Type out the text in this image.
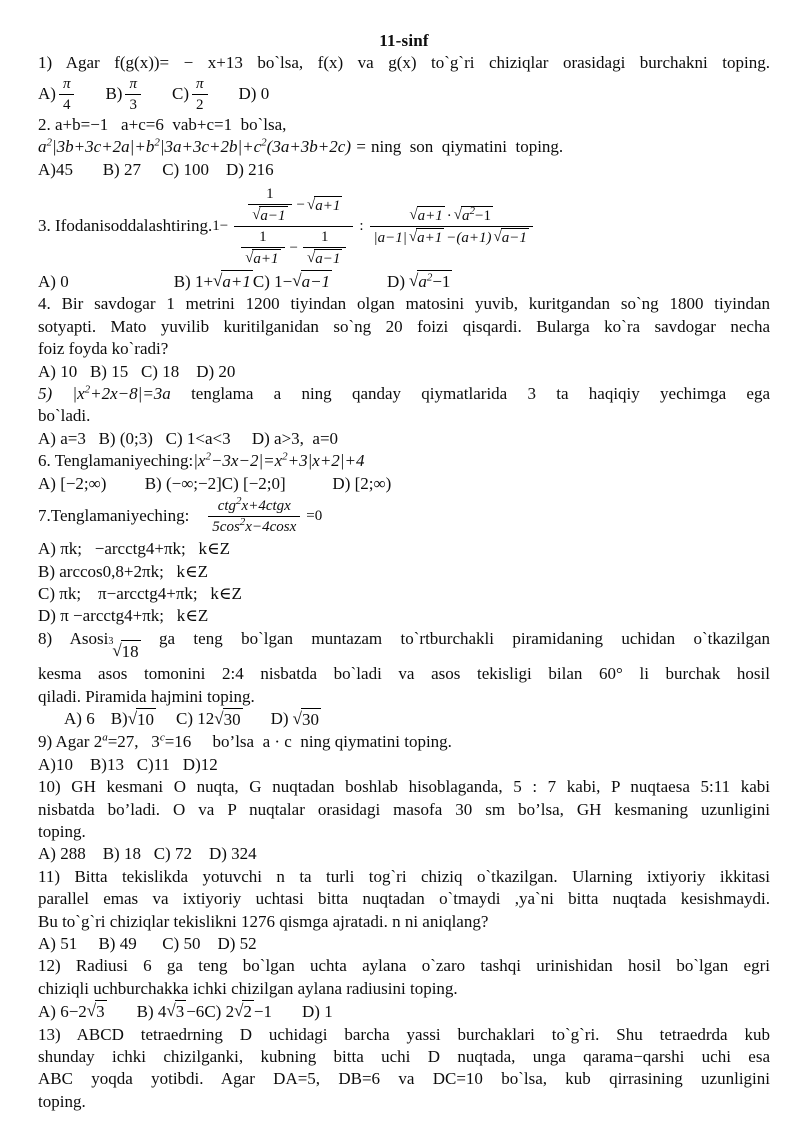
11-sinf
1) Agar f(g(x))= − x+13 bo`lsa, f(x) va g(x) to`g`ri chiziqlar orasidagi burchakni toping.
$A) \frac{\pi}{4} B) \frac{\pi}{3} C) \frac{\pi}{2} D$) 0
2. a+b=−1   a+c=6  vab+c=1  bo`lsa,
$a^2|3b+3c+2a|+b^2|3a+3c+2b|+c^2(3a+3b+2c)$ = ning  son  qiymatini  toping.
A)45       B) 27     C) 100    D) 216
3. Ifodanisoddalashtiring. 1−
$\frac{1}{√ a-1}$ − √ a+1
$\frac{1}{√ a+1} - \frac{1}{√ a-1}$
: $\frac{√ a+1 \cdot √ a^2-1}{|a-1| √ a+1 -(a+1) √ a-1}$
A) 0	B) 1+ √ a+1 C) 1− √ a−1	D) √ $a^2-1$
4. Bir savdogar 1 metrini 1200 tiyindan olgan matosini yuvib, kuritgandan so`ng 1800 tiyindan
sotyapti. Mato yuvilib kuritilganidan so`ng 20 foizi qisqardi. Bularga ko`ra savdogar necha
foiz foyda ko`radi?
A) 10   B) 15   C) 18    D) 20
5) $|x^2+2x-8|=3a$ tenglama a ning qanday qiymatlarida 3 ta haqiqiy yechimga ega
bo`ladi.
A) a=3   B) (0;3)   C) 1<a<3     D) a>3,  a=0
6. $Tenglamaniyeching:|x^2-3x-2|=x^2+3|x+2|+4$
A) [−2;∞)         B) (−∞;−2]C) [−2;0]           D) [2;∞)
7.Tenglamaniyeching: $\frac{ctg^2x+4ctgx}{5\cos^2x-4\cos x} =0$
A) πk;   −arcctg4+πk;   k∈Z
B) arccos0,8+2πk;   k∈Z
C) πk;    π−arcctg4+πk;   k∈Z
D) π −arcctg4+πk;   k∈Z
8) Asosi 3 √ 18
ga teng bo`lgan muntazam to`rtburchakli piramidaning uchidan o`tkazilgan
kesma asos tomonini 2:4 nisbatda bo`ladi va asos tekisligi bilan 60° li burchak hosil
qiladi. Piramida hajmini toping.
A) 6 B) √ 10 C) 12 √ 30 D) √ 30
9) Agar $2^a=27$,   $3^c=16$     bo’lsa  a · c  ning qiymatini toping.
A)10    B)13   C)11   D)12
10) GH kesmani O nuqta, G nuqtadan boshlab hisoblaganda, 5 : 7 kabi, P nuqtaesa 5:11 kabi
nisbatda bo’ladi. O va P nuqtalar orasidagi masofa 30 sm bo’lsa, GH kesmaning uzunligini
toping.
A) 288    B) 18   C) 72    D) 324
11) Bitta tekislikda yotuvchi n ta turli tog`ri chiziq o`tkazilgan. Ularning ixtiyoriy ikkitasi
parallel emas va ixtiyoriy uchtasi bitta nuqtadan o`tmaydi ,ya`ni bitta nuqtada kesishmaydi.
Bu to`g`ri chiziqlar tekislikni 1276 qismga ajratadi. n ni aniqlang?
A) 51     B) 49      C) 50    D) 52
12) Radiusi 6 ga teng bo`lgan uchta aylana o`zaro tashqi urinishidan hosil bo`lgan egri
chiziqli uchburchakka ichki chizilgan aylana radiusini toping.
A) 6−2 √ 3 B) 4 √ 3 −6 C) 2 √ 2 −1 D) 1
13) ABCD tetraedrning D uchidagi barcha yassi burchaklari to`g`ri. Shu tetraedrda kub
shunday ichki chizilganki, kubning bitta uchi D nuqtada, unga qarama−qarshi uchi esa
ABC yoqda yotibdi. Agar DA=5, DB=6 va DC=10 bo`lsa, kub qirrasining uzunligini
toping.
